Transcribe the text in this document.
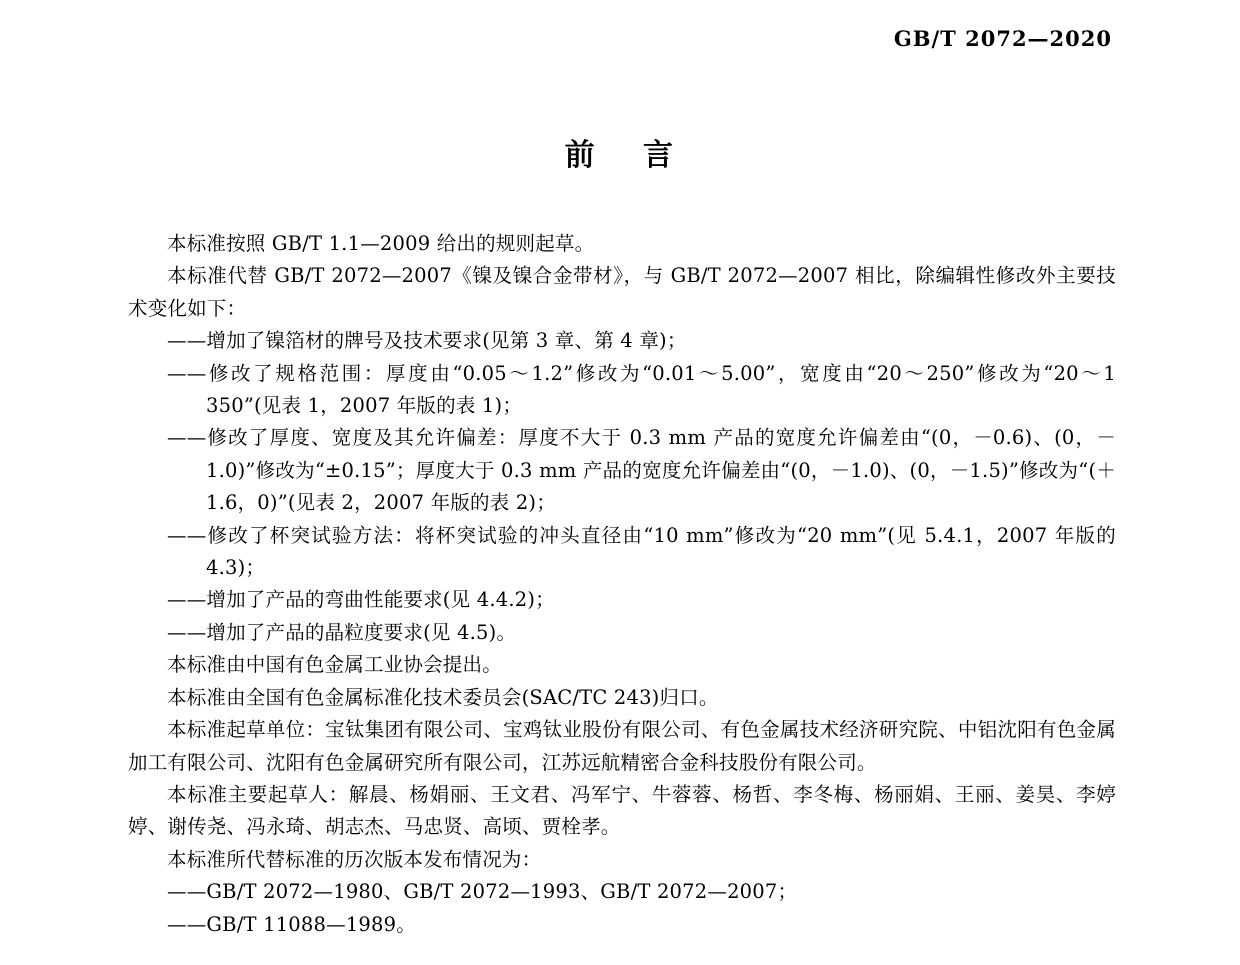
GB/T 2072—2020
前 言

本标准按照 GB/T 1.1—2009 给出的规则起草。

本标准代替 GB/T 2072—2007《镍及镍合金带材》，与 GB/T 2072—2007 相比，除编辑性修改外主要技术变化如下：

——增加了镍箔材的牌号及技术要求(见第 3 章、第 4 章)；

——修改了规格范围：厚度由“0.05～1.2”修改为“0.01～5.00”，宽度由“20～250”修改为“20～1 350”(见表 1，2007 年版的表 1)；

——修改了厚度、宽度及其允许偏差：厚度不大于 0.3 mm 产品的宽度允许偏差由“(0，－0.6)、(0，－1.0)”修改为“±0.15”；厚度大于 0.3 mm 产品的宽度允许偏差由“(0，－1.0)、(0，－1.5)”修改为“(＋1.6，0)”(见表 2，2007 年版的表 2)；

——修改了杯突试验方法：将杯突试验的冲头直径由“10 mm”修改为“20 mm”(见 5.4.1，2007 年版的 4.3)；

——增加了产品的弯曲性能要求(见 4.4.2)；

——增加了产品的晶粒度要求(见 4.5)。

本标准由中国有色金属工业协会提出。

本标准由全国有色金属标准化技术委员会(SAC/TC 243)归口。

本标准起草单位：宝钛集团有限公司、宝鸡钛业股份有限公司、有色金属技术经济研究院、中铝沈阳有色金属加工有限公司、沈阳有色金属研究所有限公司，江苏远航精密合金科技股份有限公司。

本标准主要起草人：解晨、杨娟丽、王文君、冯军宁、牛蓉蓉、杨哲、李冬梅、杨丽娟、王丽、姜昊、李婷婷、谢传尧、冯永琦、胡志杰、马忠贤、高顷、贾栓孝。

本标准所代替标准的历次版本发布情况为：

——GB/T 2072—1980、GB/T 2072—1993、GB/T 2072—2007；

——GB/T 11088—1989。
